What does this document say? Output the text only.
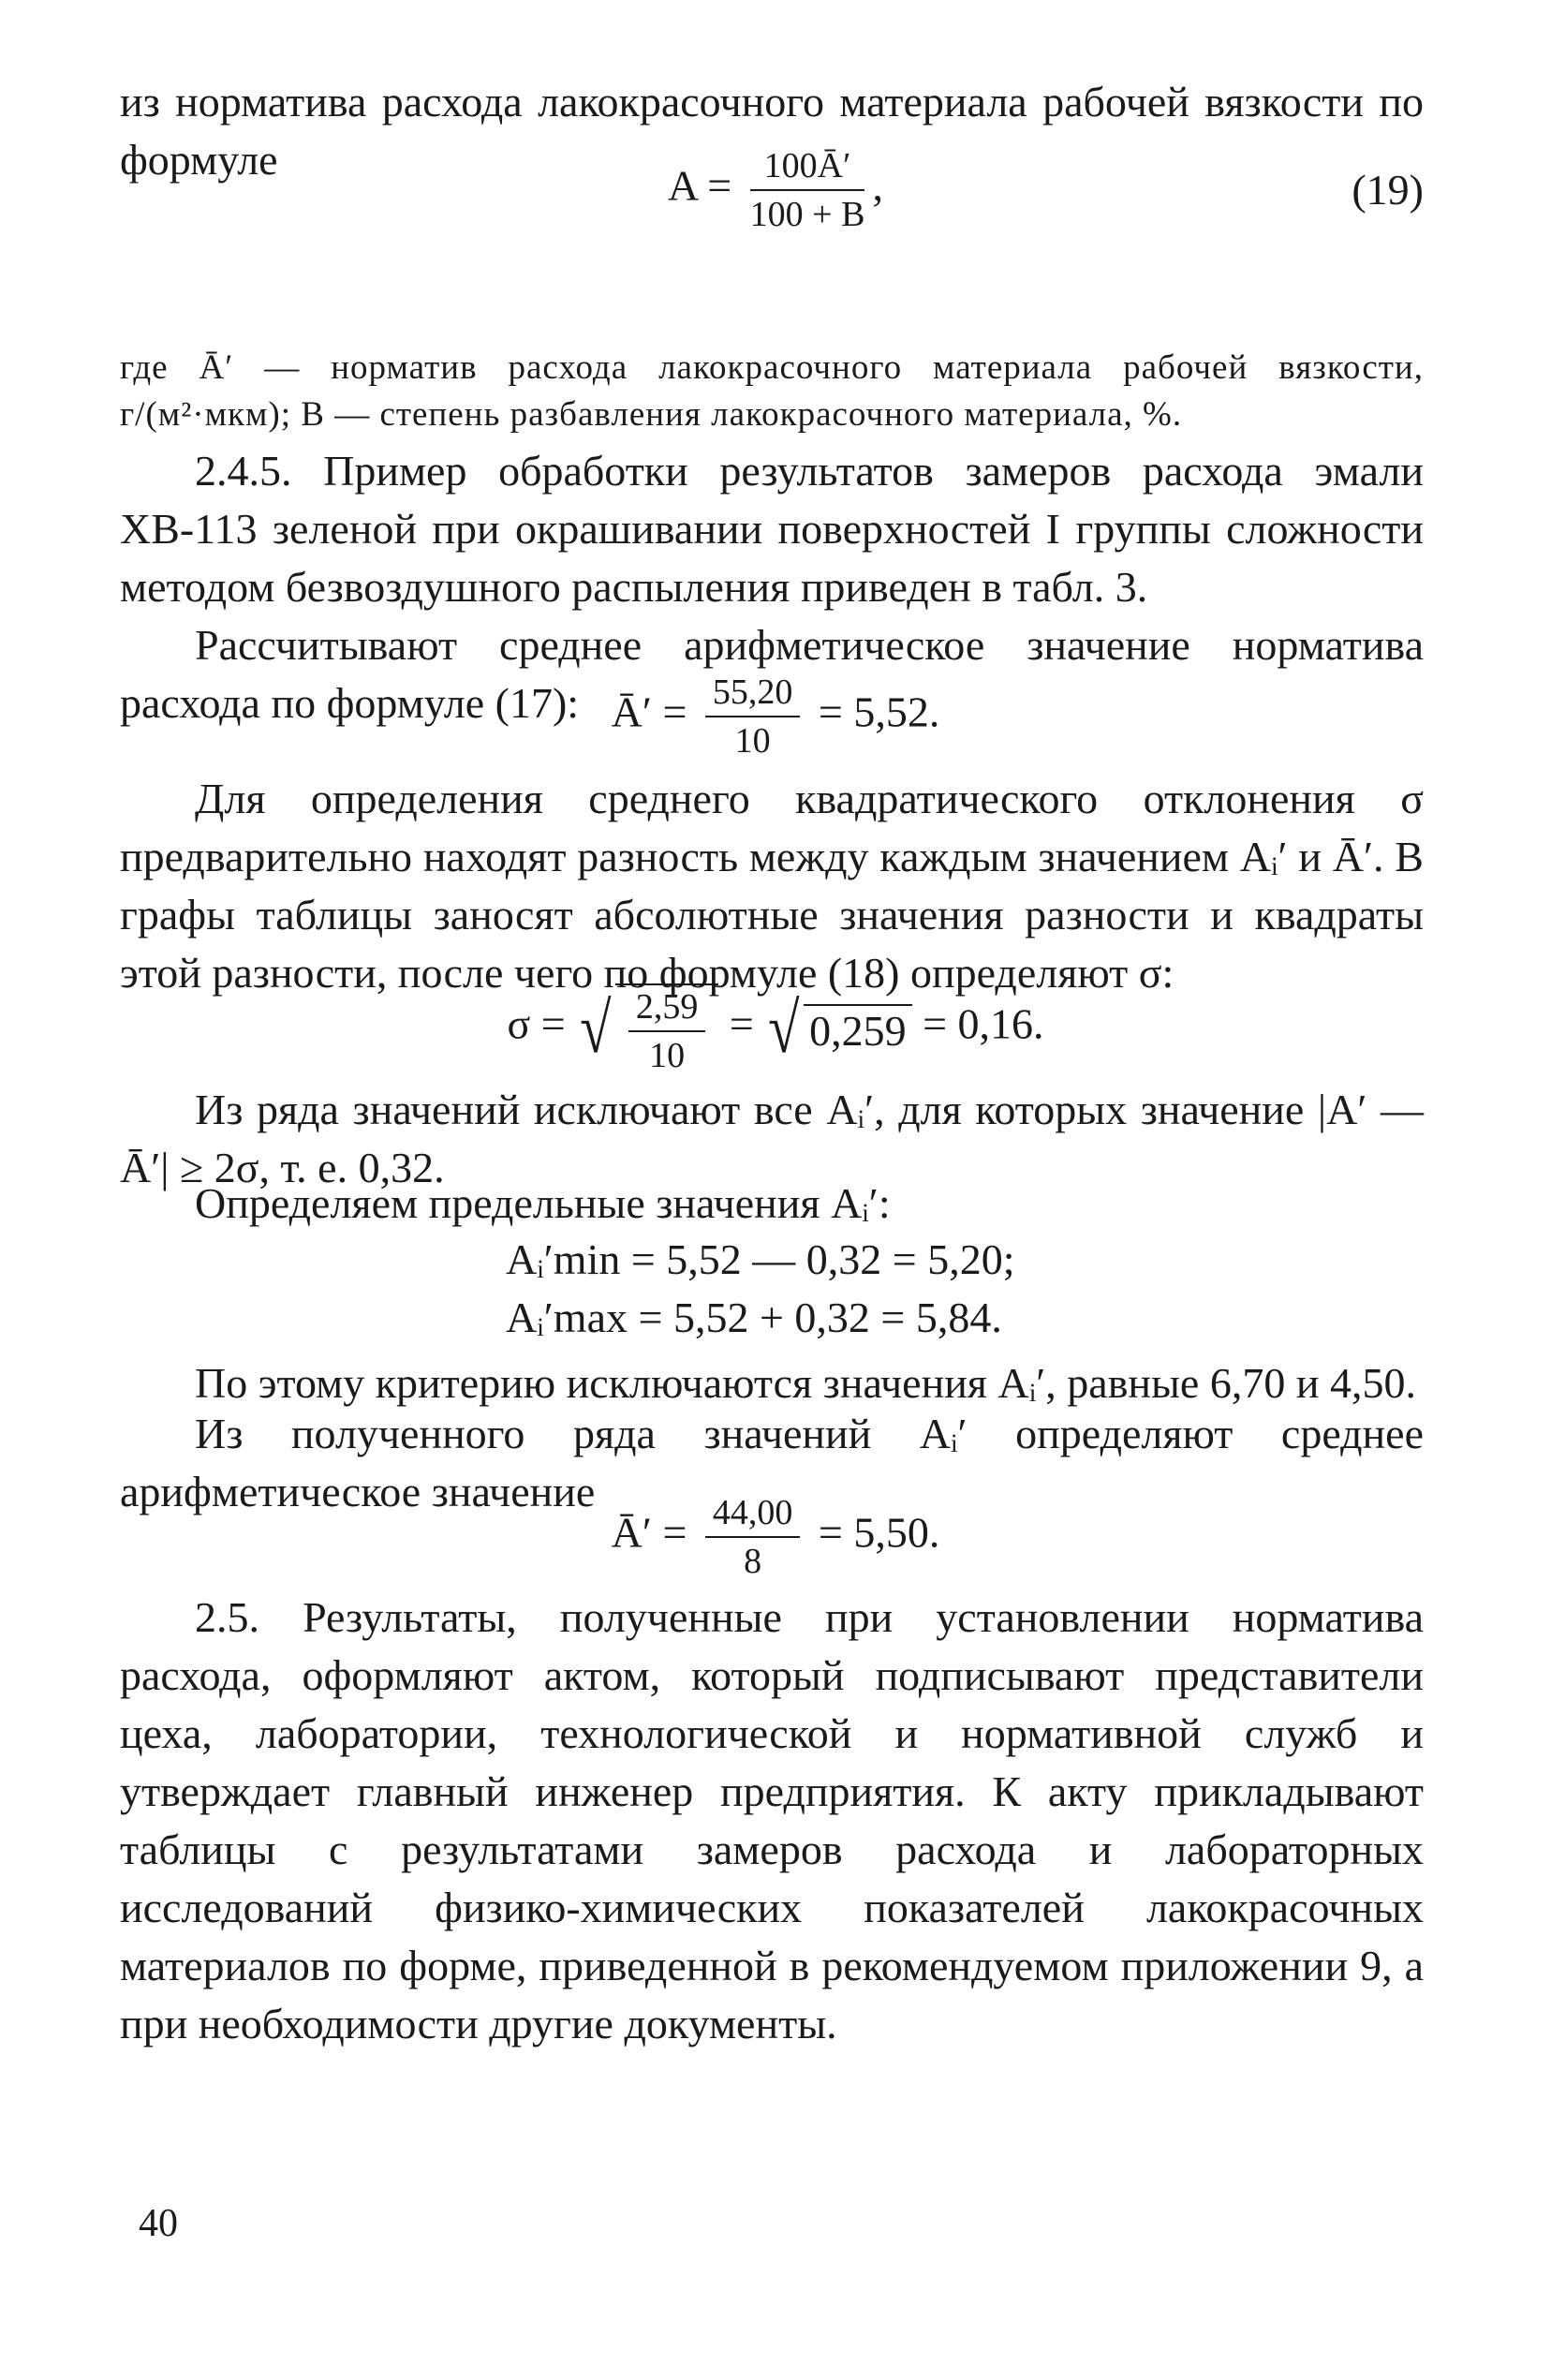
из норматива расхода лакокрасочного материала рабочей вязкости по формуле

$A = \frac{100Ā'}{100 + B}$ ,	(19)

где Ā′ — норматив расхода лакокрасочного материала рабочей вязкости, г/(м²·мкм); B — степень разбавления лакокрасочного материала, %.

2.4.5. Пример обработки результатов замеров расхода эмали ХВ-113 зеленой при окрашивании поверхностей I группы сложности методом безвоздушного распыления приведен в табл. 3.

Рассчитывают среднее арифметическое значение норматива расхода по формуле (17): Ā′ = $\frac{55,20}{10} = 5,52$.

Для определения среднего квадратического отклонения σ предварительно находят разность между каждым значением Aᵢ′ и Ā′. В графы таблицы заносят абсолютные значения разности и квадраты этой разности, после чего по формуле (18) определяют σ:

σ = √ $\frac{2,59}{10}$ = √ 0,259 = 0,16.

Из ряда значений исключают все Aᵢ′, для которых значение |A′ — Ā′| ≥ 2σ, т. е. 0,32.

Определяем предельные значения Aᵢ′:

Aᵢ′min = 5,52 — 0,32 = 5,20;
Aᵢ′max = 5,52 + 0,32 = 5,84.

По этому критерию исключаются значения Aᵢ′, равные 6,70 и 4,50.

Из полученного ряда значений Aᵢ′ определяют среднее арифметическое значение

Ā′ = $\frac{44,00}{8} = 5,50$.

2.5. Результаты, полученные при установлении норматива расхода, оформляют актом, который подписывают представители цеха, лаборатории, технологической и нормативной служб и утверждает главный инженер предприятия. К акту прикладывают таблицы с результатами замеров расхода и лабораторных исследований физико-химических показателей лакокрасочных материалов по форме, приведенной в рекомендуемом приложении 9, а при необходимости другие документы.

40
